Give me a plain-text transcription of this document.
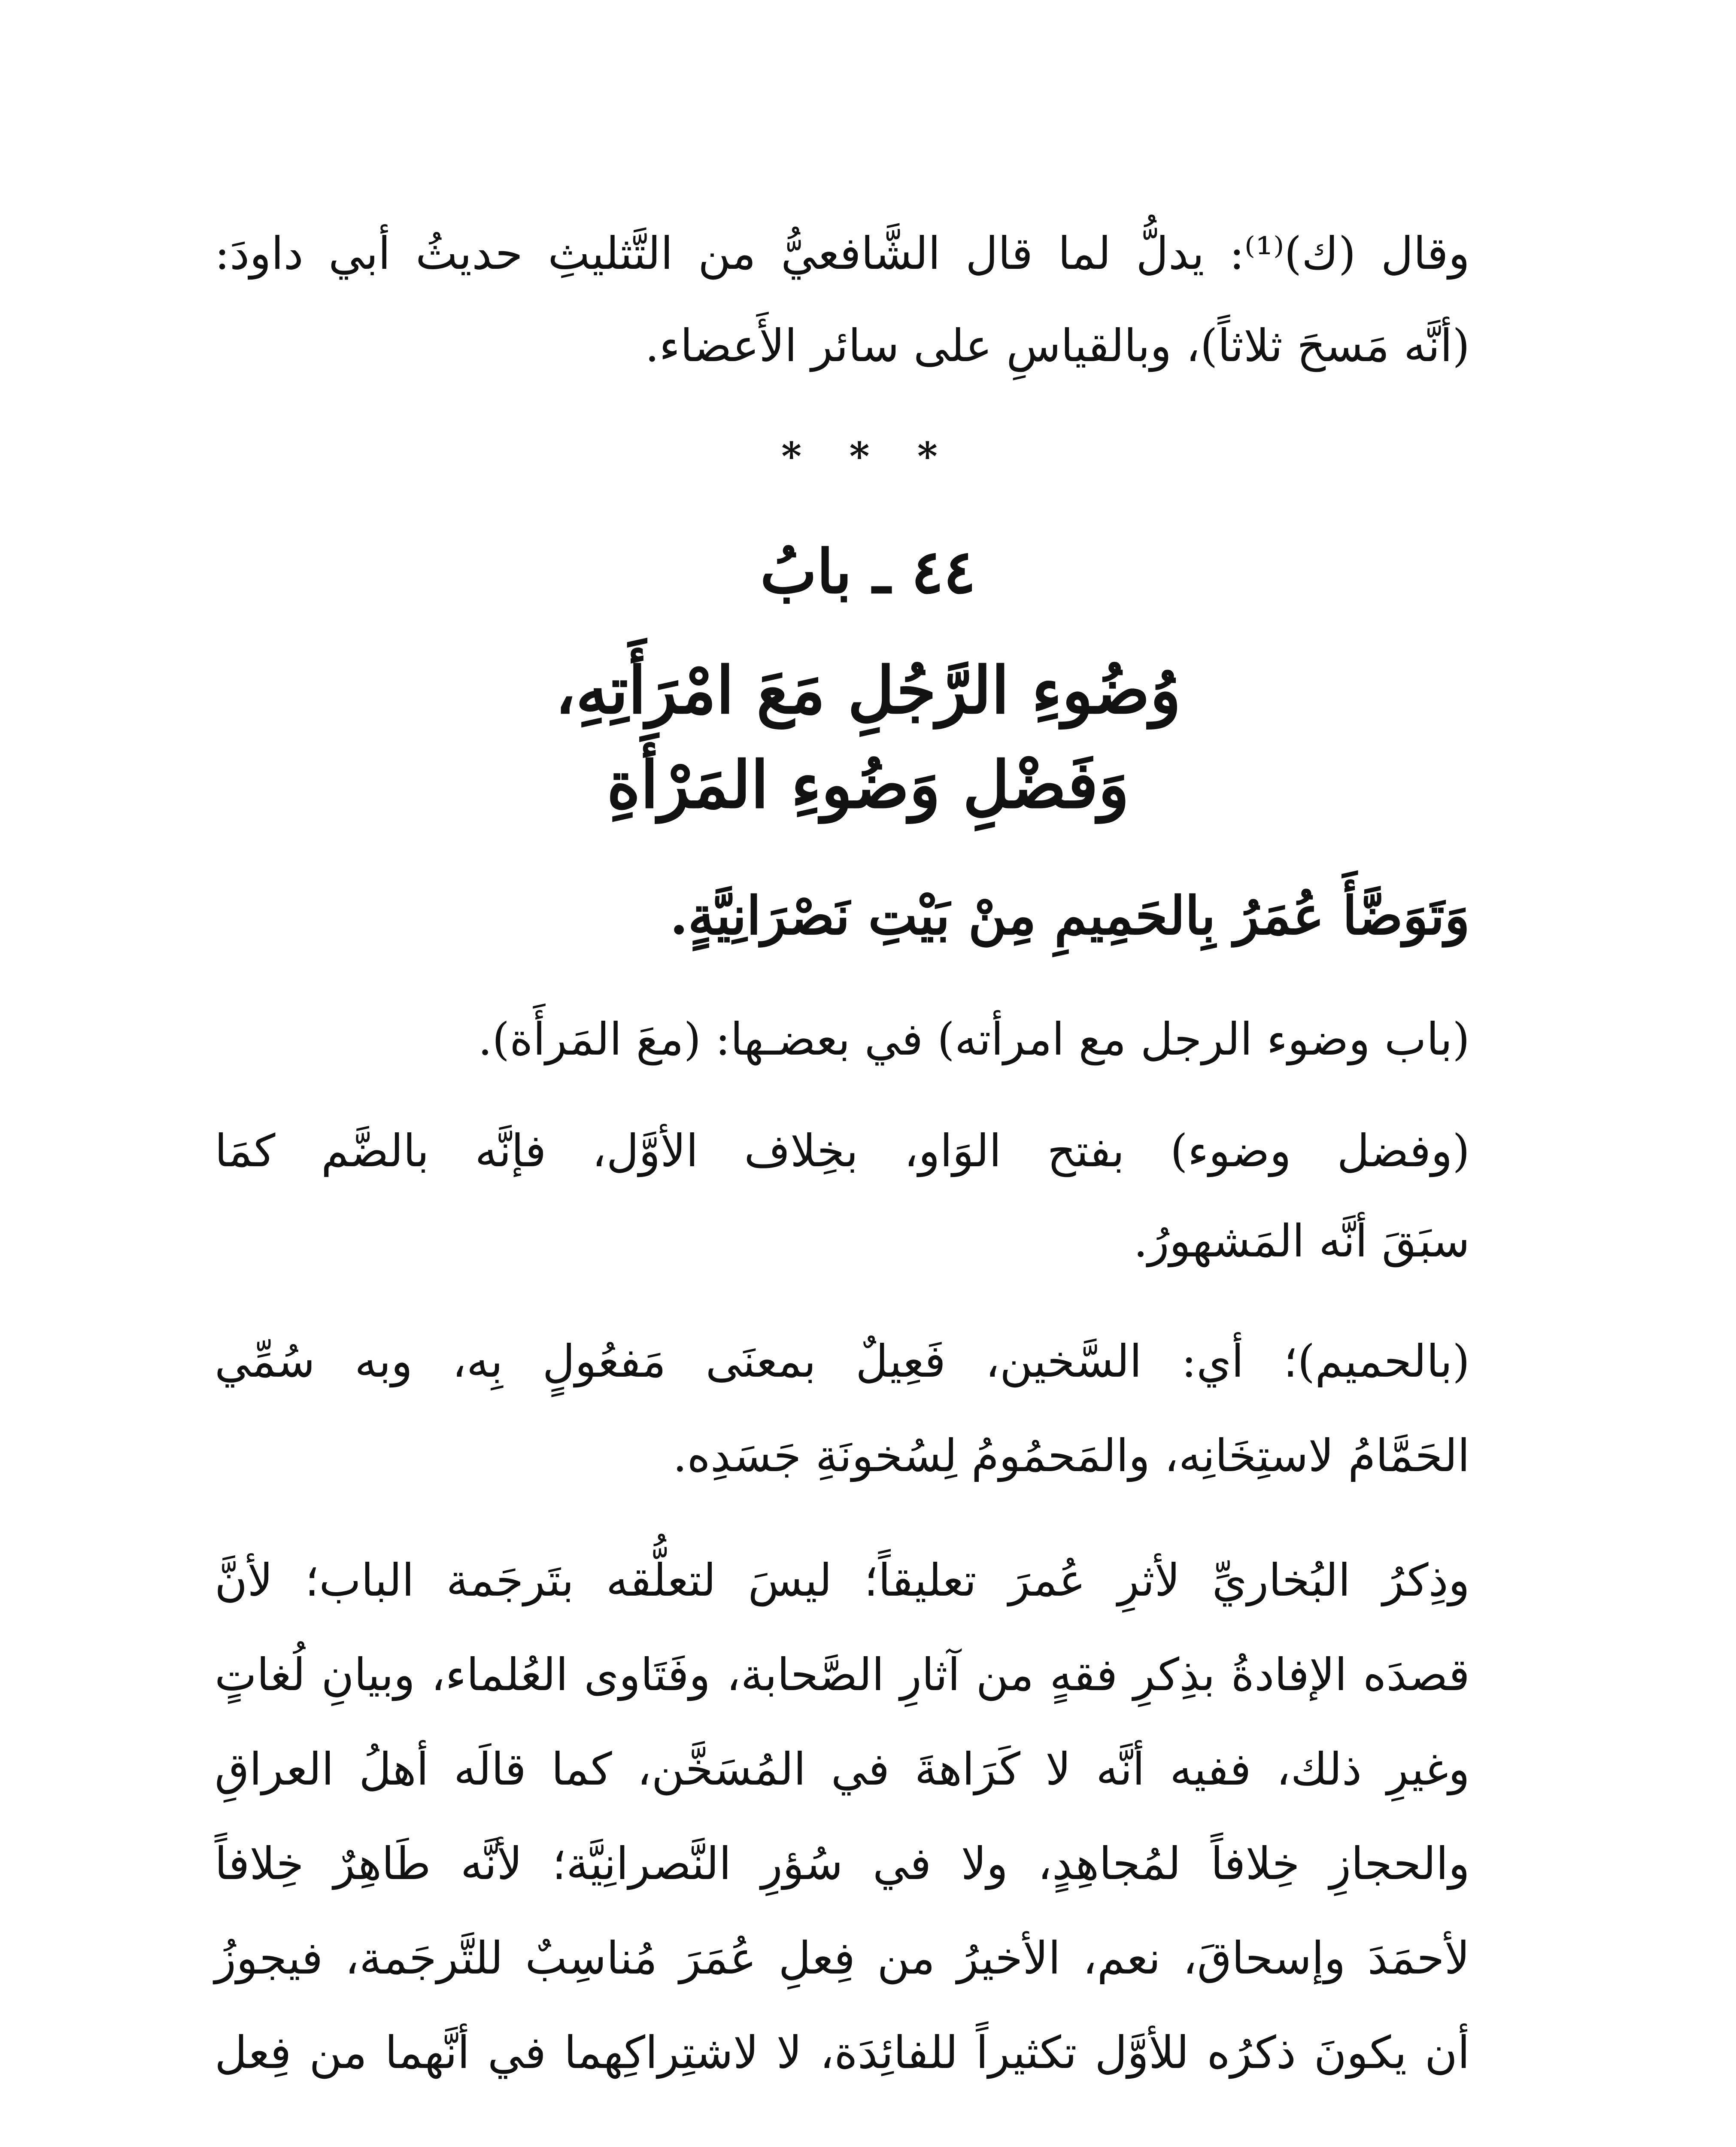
وقال (ك)⁽¹⁾: يدلُّ لما قال الشَّافعيُّ من التَّثليثِ حديثُ أبي داودَ:
(أنَّه مَسحَ ثلاثاً)، وبالقياسِ على سائر الأَعضاء.
* * *
٤٤ ـ بابُ
وُضُوءِ الرَّجُلِ مَعَ امْرَأَتِهِ،
وَفَضْلِ وَضُوءِ المَرْأَةِ
وَتَوَضَّأَ عُمَرُ بِالحَمِيمِ مِنْ بَيْتِ نَصْرَانِيَّةٍ.
(باب وضوء الرجل مع امرأته) في بعضـها: (معَ المَرأَة).
(وفضل وضوء) بفتح الوَاو، بخِلاف الأوَّل، فإنَّه بالضَّم كمَا
سبَقَ أنَّه المَشهورُ.
(بالحميم)؛ أي: السَّخين، فَعِيلٌ بمعنَى مَفعُولٍ بِه، وبه سُمِّي
الحَمَّامُ لاستِخَانِه، والمَحمُومُ لِسُخونَةِ جَسَدِه.
وذِكرُ البُخاريِّ لأثرِ عُمرَ تعليقاً؛ ليسَ لتعلُّقه بتَرجَمة الباب؛ لأنَّ
قصدَه الإفادةُ بذِكرِ فقهٍ من آثارِ الصَّحابة، وفَتَاوى العُلماء، وبيانِ لُغاتٍ
وغيرِ ذلك، ففيه أنَّه لا كَرَاهةَ في المُسَخَّن، كما قالَه أهلُ العراقِ
والحجازِ خِلافاً لمُجاهِدٍ، ولا في سُؤرِ النَّصرانِيَّة؛ لأنَّه طَاهِرٌ خِلافاً
لأحمَدَ وإسحاقَ، نعم، الأخيرُ من فِعلِ عُمَرَ مُناسِبٌ للتَّرجَمة، فيجوزُ
أن يكونَ ذكرُه للأوَّل تكثيراً للفائِدَة، لا لاشتِراكِهما في أنَّهما من فِعل
